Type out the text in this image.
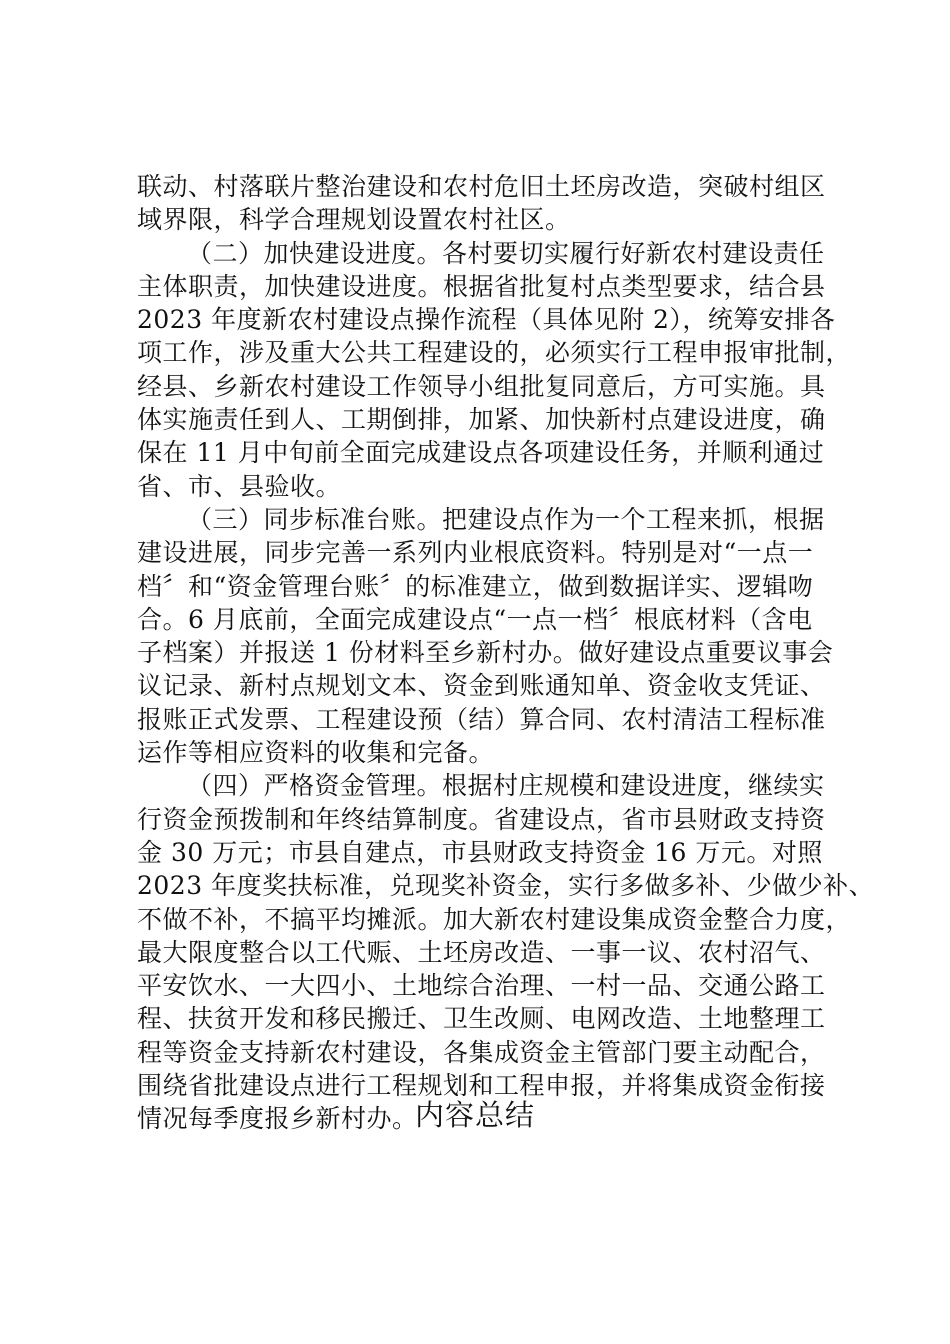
联动、村落联片整治建设和农村危旧土坯房改造，突破村组区
域界限，科学合理规划设置农村社区。
（二）加快建设进度。各村要切实履行好新农村建设责任
主体职责，加快建设进度。根据省批复村点类型要求，结合县
2023 年度新农村建设点操作流程（具体见附 2），统筹安排各
项工作，涉及重大公共工程建设的，必须实行工程申报审批制，
经县、乡新农村建设工作领导小组批复同意后，方可实施。具
体实施责任到人、工期倒排，加紧、加快新村点建设进度，确
保在 11 月中旬前全面完成建设点各项建设任务，并顺利通过
省、市、县验收。
（三）同步标准台账。把建设点作为一个工程来抓，根据
建设进展，同步完善一系列内业根底资料。特别是对“一点一
档〞和“资金管理台账〞的标准建立，做到数据详实、逻辑吻
合。6 月底前，全面完成建设点“一点一档〞根底材料（含电
子档案）并报送 1 份材料至乡新村办。做好建设点重要议事会
议记录、新村点规划文本、资金到账通知单、资金收支凭证、
报账正式发票、工程建设预（结）算合同、农村清洁工程标准
运作等相应资料的收集和完备。
（四）严格资金管理。根据村庄规模和建设进度，继续实
行资金预拨制和年终结算制度。省建设点，省市县财政支持资
金 30 万元；市县自建点，市县财政支持资金 16 万元。对照
2023 年度奖扶标准，兑现奖补资金，实行多做多补、少做少补、
不做不补，不搞平均摊派。加大新农村建设集成资金整合力度，
最大限度整合以工代赈、土坯房改造、一事一议、农村沼气、
平安饮水、一大四小、土地综合治理、一村一品、交通公路工
程、扶贫开发和移民搬迁、卫生改厕、电网改造、土地整理工
程等资金支持新农村建设，各集成资金主管部门要主动配合，
围绕省批建设点进行工程规划和工程申报，并将集成资金衔接
情况每季度报乡新村办。
内容总结
